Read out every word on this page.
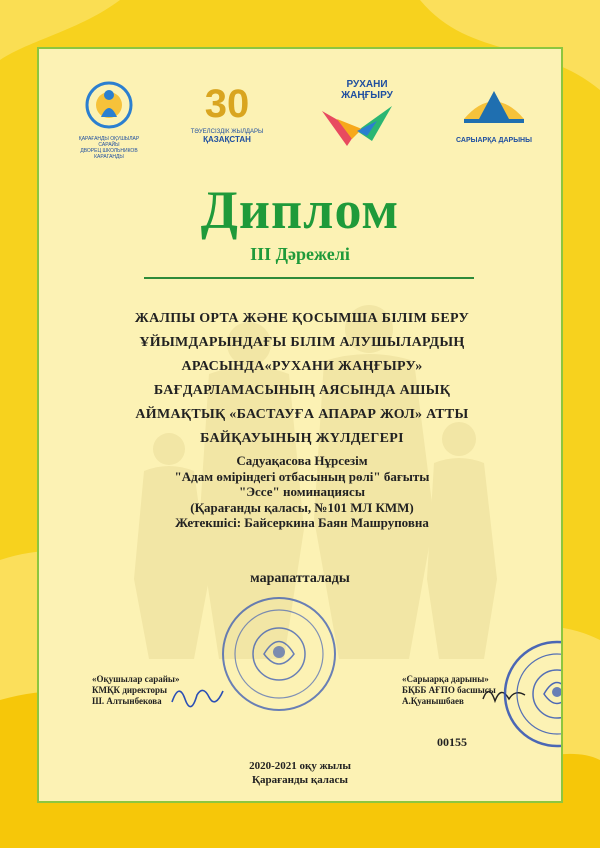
ҚАРАҒАНДЫ ОҚУШЫЛАР САРАЙЫ
ДВОРЕЦ ШКОЛЬНИКОВ КАРАГАНДЫ
30
ТӘУЕЛСІЗДІК ЖЫЛДАРЫ
ҚАЗАҚСТАН
РУХАНИ
ЖАҢҒЫРУ
САРЫАРҚА ДАРЫНЫ
Диплом
ІІІ Дәрежелі
ЖАЛПЫ ОРТА ЖӘНЕ ҚОСЫМША БІЛІМ БЕРУ
ҰЙЫМДАРЫНДАҒЫ БІЛІМ АЛУШЫЛАРДЫҢ
АРАСЫНДА«РУХАНИ ЖАҢҒЫРУ»
БАҒДАРЛАМАСЫНЫҢ АЯСЫНДА АШЫҚ
АЙМАҚТЫҚ «БАСТАУҒА АПАРАР ЖОЛ» АТТЫ
БАЙҚАУЫНЫҢ ЖҮЛДЕГЕРІ
Садуақасова Нұрсезім
"Адам өміріндегі отбасының рөлі" бағыты
"Эссе" номинациясы
(Қарағанды қаласы, №101 МЛ КММ)
Жетекшісі: Байсеркина Баян Машруповна
марапатталады
«Оқушылар сарайы»
КМҚК директоры
Ш. Алтынбекова
«Сарыарқа дарыны»
БҚББ АҒПО басшысы
А.Қуанышбаев
00155
2020-2021 оқу жылы
Қарағанды қаласы
